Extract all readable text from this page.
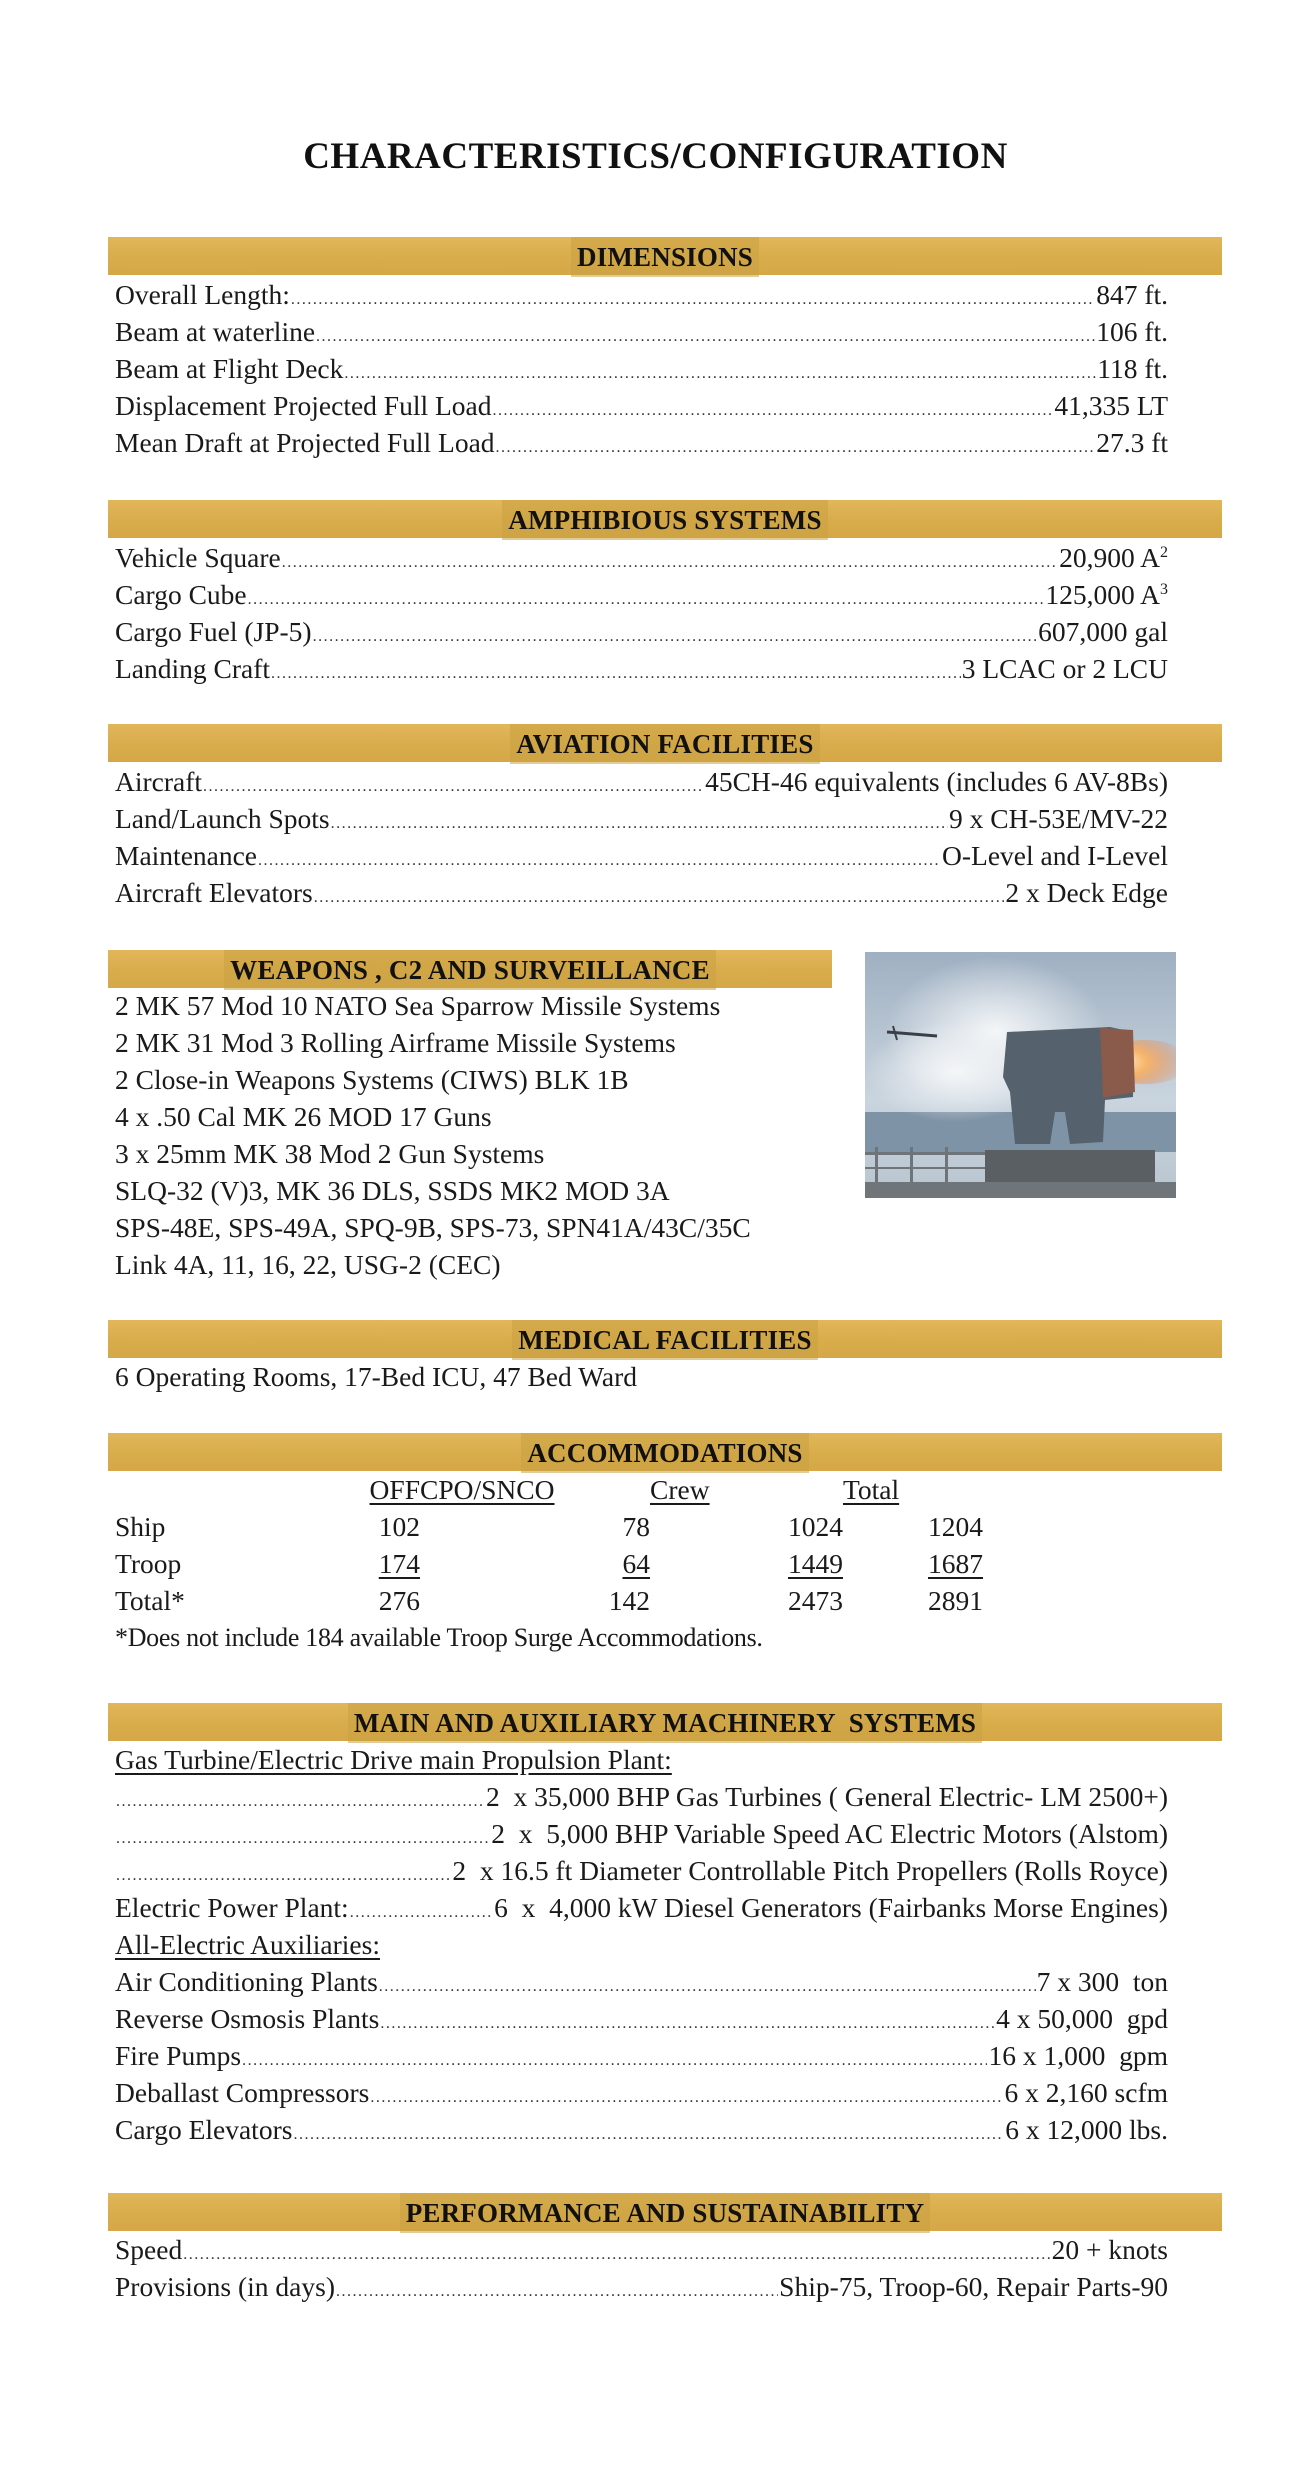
CHARACTERISTICS/CONFIGURATION
DIMENSIONS
Overall Length: .....	847 ft.
Beam at waterline .....	106 ft.
Beam at Flight Deck .....	118 ft.
Displacement Projected Full Load .....	41,335 LT
Mean Draft at Projected Full Load .....	27.3 ft
AMPHIBIOUS SYSTEMS
Vehicle Square .....	20,900 $A^2$
Cargo Cube .....	125,000 $A^3$
Cargo Fuel (JP-5) .....	607,000 gal
Landing Craft .....	3 LCAC or 2 LCU
AVIATION FACILITIES
Aircraft .....	45CH-46 equivalents (includes 6 AV-8Bs)
Land/Launch Spots .....	9 x CH-53E/MV-22
Maintenance .....	O-Level and I-Level
Aircraft Elevators .....	2 x Deck Edge
WEAPONS , C2 AND SURVEILLANCE
2 MK 57 Mod 10 NATO Sea Sparrow Missile Systems
2 MK 31 Mod 3 Rolling Airframe Missile Systems
2 Close-in Weapons Systems (CIWS) BLK 1B
4 x .50 Cal MK 26 MOD 17 Guns
3 x 25mm MK 38 Mod 2 Gun Systems
SLQ-32 (V)3, MK 36 DLS, SSDS MK2 MOD 3A
SPS-48E, SPS-49A, SPQ-9B, SPS-73, SPN41A/43C/35C
Link 4A, 11, 16, 22, USG-2 (CEC)
MEDICAL FACILITIES
6 Operating Rooms, 17-Bed ICU, 47 Bed Ward
ACCOMMODATIONS
	OFF	CPO/SNCO	Crew	Total
Ship	102	78	1024	1204
Troop	174	64	1449	1687
Total*	276	142	2473	2891
*Does not include 184 available Troop Surge Accommodations.
MAIN AND AUXILIARY MACHINERY  SYSTEMS
Gas Turbine/Electric Drive main Propulsion Plant:
.....
2  x 35,000 BHP Gas Turbines ( General Electric- LM 2500+)
.....
2  x  5,000 BHP Variable Speed AC Electric Motors (Alstom)
.....
2  x 16.5 ft Diameter Controllable Pitch Propellers (Rolls Royce)
Electric Power Plant: .....	6  x  4,000 kW Diesel Generators (Fairbanks Morse Engines)
All-Electric Auxiliaries:
Air Conditioning Plants .....	7 x 300  ton
Reverse Osmosis Plants .....	4 x 50,000  gpd
Fire Pumps .....	16 x 1,000  gpm
Deballast Compressors .....	6 x 2,160 scfm
Cargo Elevators .....	6 x 12,000 lbs.
PERFORMANCE AND SUSTAINABILITY
Speed .....	20 + knots
Provisions (in days) .....	Ship-75, Troop-60, Repair Parts-90
